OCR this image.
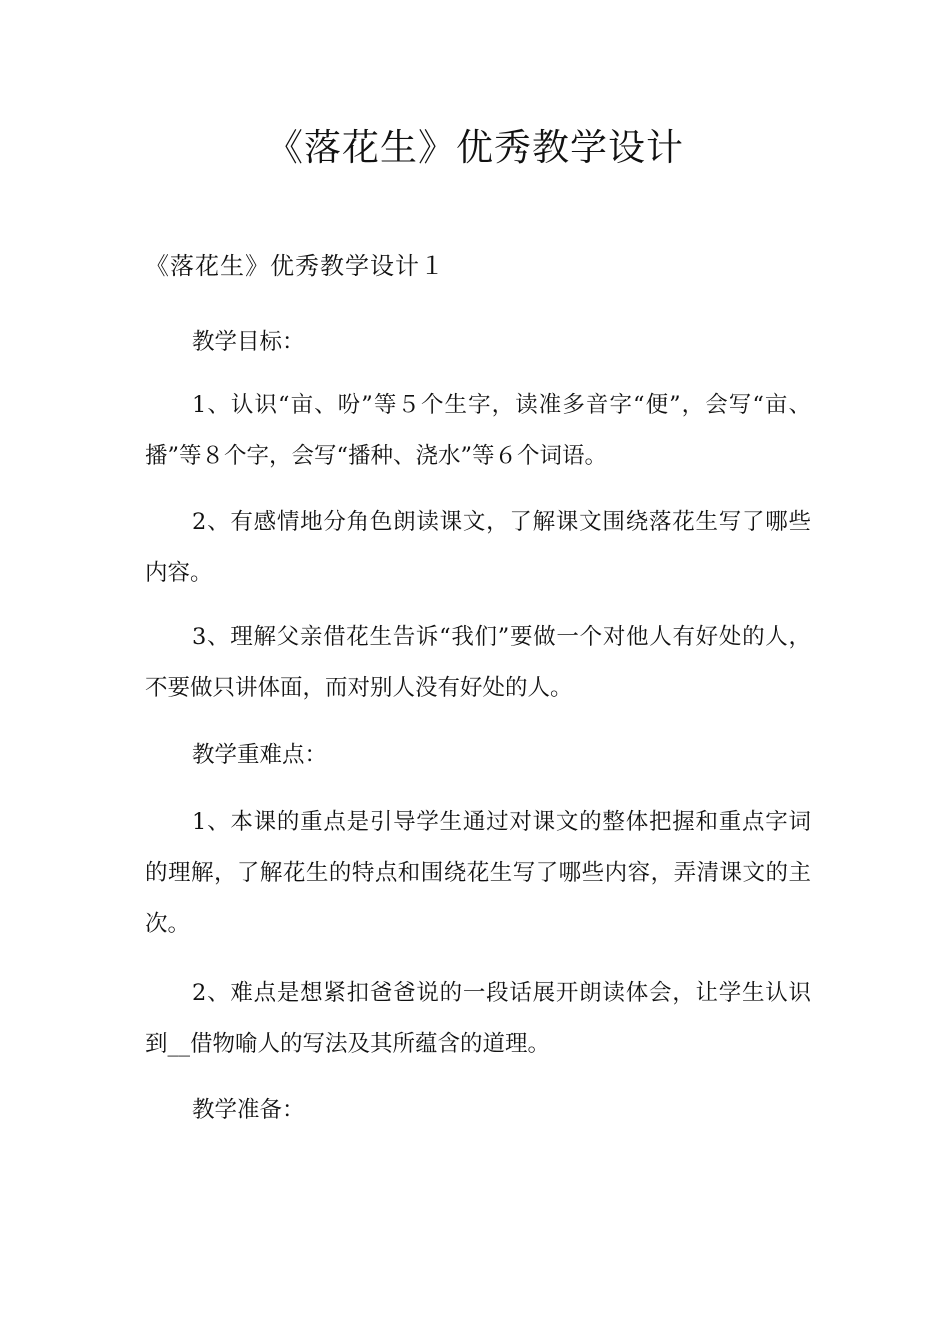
《落花生》优秀教学设计
《落花生》优秀教学设计１

教学目标：

1、认识“亩、吩”等５个生字，读准多音字“便”，会写“亩、播”等８个字，会写“播种、浇水”等６个词语。

2、有感情地分角色朗读课文，了解课文围绕落花生写了哪些内容。

3、理解父亲借花生告诉“我们”要做一个对他人有好处的人，不要做只讲体面，而对别人没有好处的人。

教学重难点：

1、本课的重点是引导学生通过对课文的整体把握和重点字词的理解，了解花生的特点和围绕花生写了哪些内容，弄清课文的主次。

2、难点是想紧扣爸爸说的一段话展开朗读体会，让学生认识到__借物喻人的写法及其所蕴含的道理。

教学准备：
